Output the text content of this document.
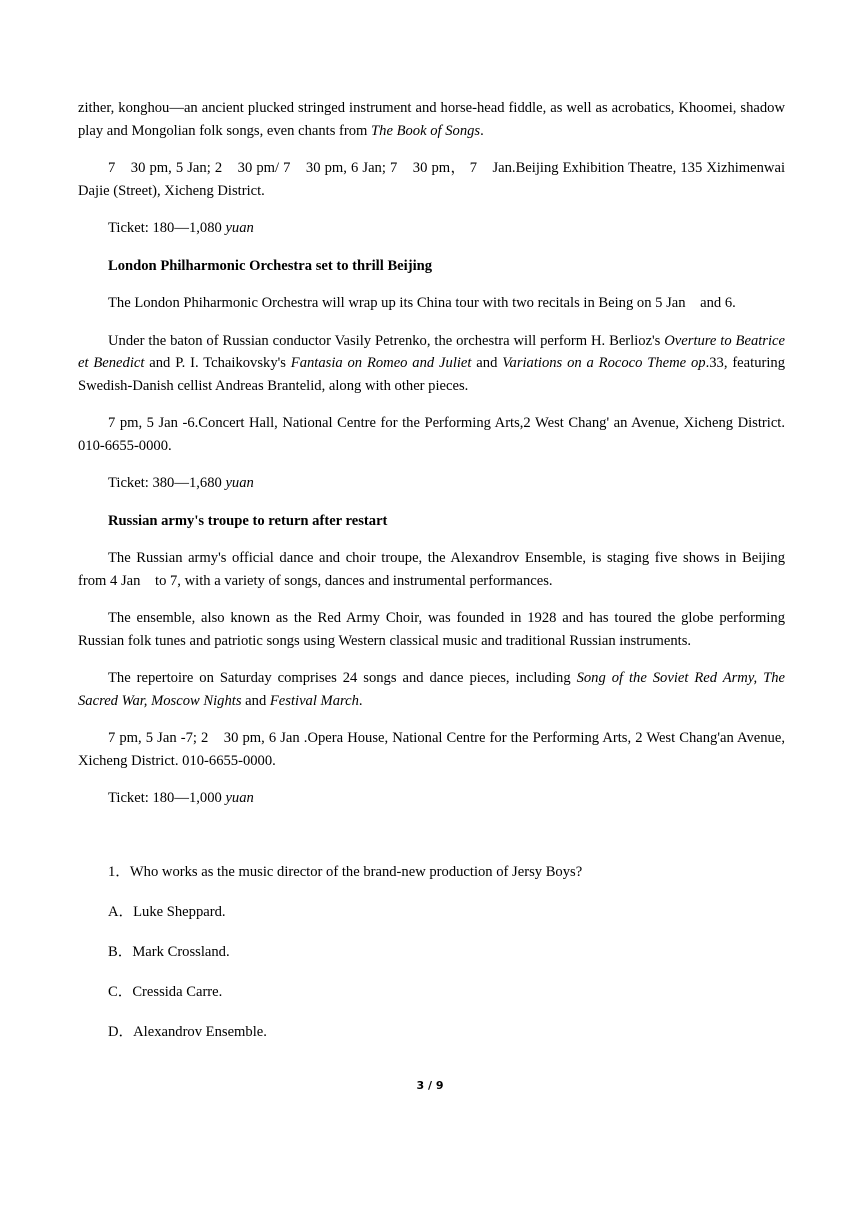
zither, konghou—an ancient plucked stringed instrument and horse-head fiddle, as well as acrobatics, Khoomei, shadow play and Mongolian folk songs, even chants from The Book of Songs.

7　30 pm, 5 Jan; 2　30 pm/ 7　30 pm, 6 Jan; 7　30 pm， 7　Jan.Beijing Exhibition Theatre, 135 Xizhimenwai Dajie (Street), Xicheng District.

Ticket: 180—1,080 yuan

London Philharmonic Orchestra set to thrill Beijing

The London Phiharmonic Orchestra will wrap up its China tour with two recitals in Being on 5 Jan　and 6.

Under the baton of Russian conductor Vasily Petrenko, the orchestra will perform H. Berlioz's Overture to Beatrice et Benedict and P. I. Tchaikovsky's Fantasia on Romeo and Juliet and Variations on a Rococo Theme op.33, featuring Swedish-Danish cellist Andreas Brantelid, along with other pieces.

7 pm, 5 Jan -6.Concert Hall, National Centre for the Performing Arts,2 West Chang' an Avenue, Xicheng District. 010-6655-0000.

Ticket: 380—1,680 yuan

Russian army's troupe to return after restart

The Russian army's official dance and choir troupe, the Alexandrov Ensemble, is staging five shows in Beijing from 4 Jan　to 7, with a variety of songs, dances and instrumental performances.

The ensemble, also known as the Red Army Choir, was founded in 1928 and has toured the globe performing Russian folk tunes and patriotic songs using Western classical music and traditional Russian instruments.

The repertoire on Saturday comprises 24 songs and dance pieces, including Song of the Soviet Red Army, The Sacred War, Moscow Nights and Festival March.

7 pm, 5 Jan -7; 2　30 pm, 6 Jan .Opera House, National Centre for the Performing Arts, 2 West Chang'an Avenue, Xicheng District. 010-6655-0000.

Ticket: 180—1,000 yuan

1．Who works as the music director of the brand-new production of Jersy Boys?

A．Luke Sheppard.

B．Mark Crossland.

C．Cressida Carre.

D．Alexandrov Ensemble.

3 / 9
